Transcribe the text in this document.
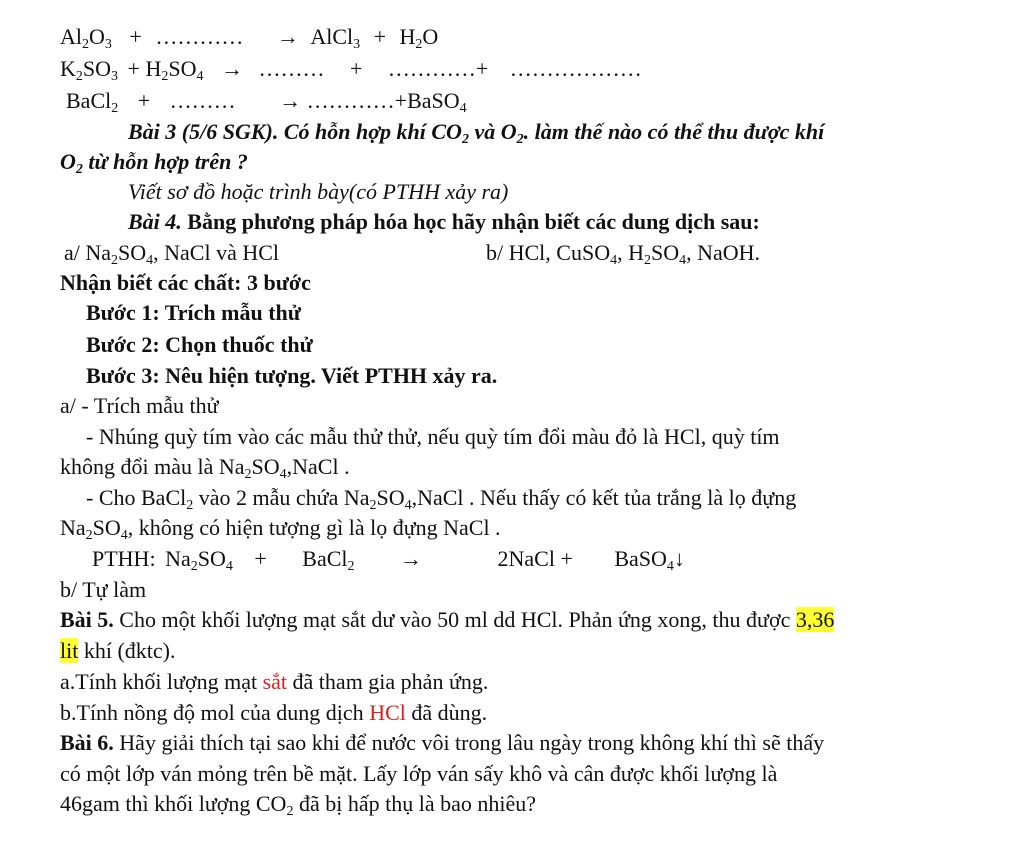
$Al_2O_3$ + ………… → AlCl$_3$ + $H_2O$
$K_2SO_3 + H_2SO_4$ → ……… + …………+ ………………
BaCl$_2$ + ……… → …………+BaSO$_4$
Bài 3 (5/6 SGK). Có hỗn hợp khí $CO_2$ và $O_2$. làm thế nào có thể thu được khí
$O_2$ từ hỗn hợp trên ?
Viết sơ đồ hoặc trình bày(có PTHH xảy ra)
Bài 4. Bằng phương pháp hóa học hãy nhận biết các dung dịch sau:
a/ $Na_2SO_4$, NaCl và HCl	b/ HCl, CuSO$_4$, $H_2SO_4$, NaOH.
Nhận biết các chất: 3 bước
Bước 1: Trích mẫu thử
Bước 2: Chọn thuốc thử
Bước 3: Nêu hiện tượng. Viết PTHH xảy ra.
a/ - Trích mẫu thử
- Nhúng quỳ tím vào các mẫu thử thử, nếu quỳ tím đổi màu đỏ là HCl, quỳ tím
không đổi màu là $Na_2SO_4,NaCl$ .
- Cho BaCl$_2$ vào 2 mẫu chứa $Na_2SO_4,NaCl$ . Nếu thấy có kết tủa trắng là lọ đựng
$Na_2SO_4$, không có hiện tượng gì là lọ đựng NaCl .
PTHH: $Na_2SO_4$ + BaCl$_2$ →	2NaCl + BaSO$_4$↓
b/ Tự làm
Bài 5. Cho một khối lượng mạt sắt dư vào 50 ml dd HCl. Phản ứng xong, thu được 3,36
lit khí (đktc).
a.Tính khối lượng mạt sắt đã tham gia phản ứng.
b.Tính nồng độ mol của dung dịch HCl đã dùng.
Bài 6. Hãy giải thích tại sao khi để nước vôi trong lâu ngày trong không khí thì sẽ thấy
có một lớp ván mỏng trên bề mặt. Lấy lớp ván sấy khô và cân được khối lượng là
46gam thì khối lượng $CO_2$ đã bị hấp thụ là bao nhiêu?
